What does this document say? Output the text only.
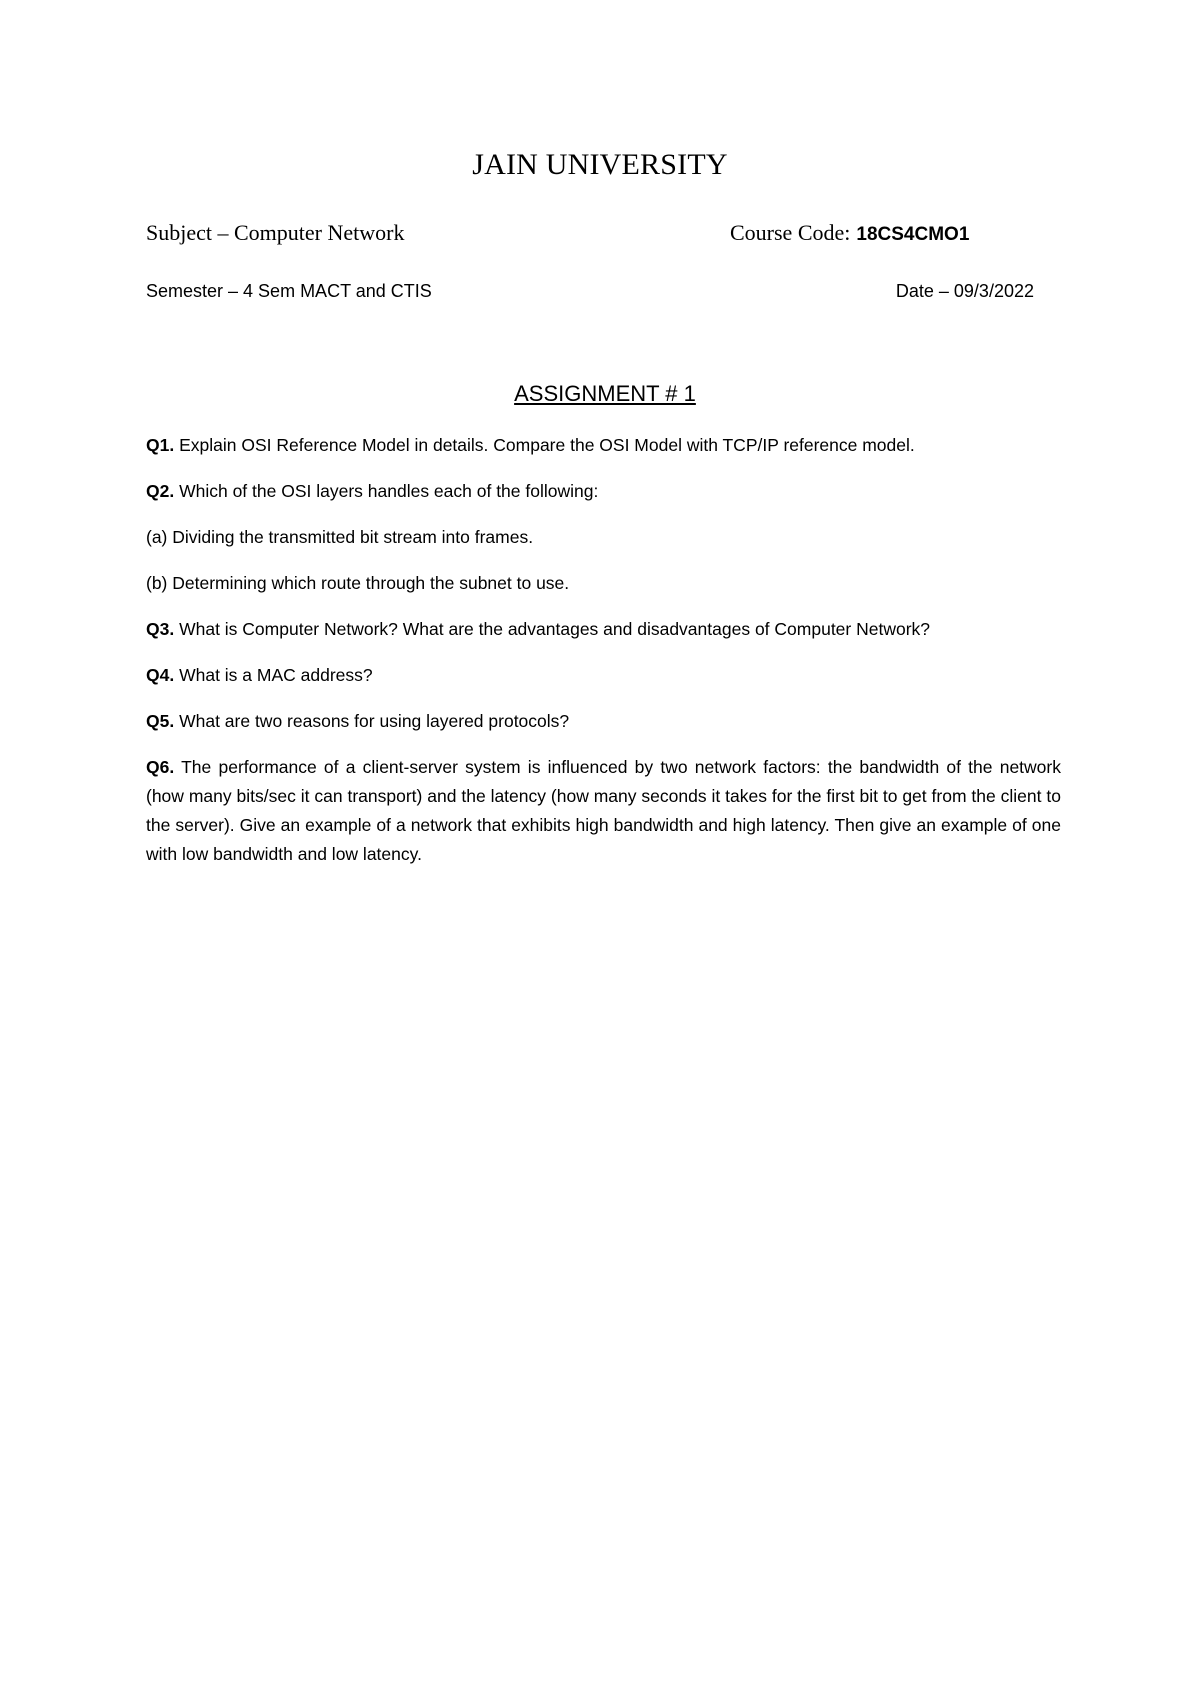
JAIN UNIVERSITY
Subject – Computer Network	Course Code: 18CS4CMO1
Semester – 4 Sem MACT and CTIS	Date – 09/3/2022
ASSIGNMENT # 1

Q1. Explain OSI Reference Model in details. Compare the OSI Model with TCP/IP reference model.

Q2. Which of the OSI layers handles each of the following:

(a) Dividing the transmitted bit stream into frames.

(b) Determining which route through the subnet to use.

Q3. What is Computer Network? What are the advantages and disadvantages of Computer Network?

Q4. What is a MAC address?

Q5. What are two reasons for using layered protocols?

Q6. The performance of a client-server system is influenced by two network factors: the bandwidth of the network (how many bits/sec it can transport) and the latency (how many seconds it takes for the first bit to get from the client to the server). Give an example of a network that exhibits high bandwidth and high latency. Then give an example of one with low bandwidth and low latency.
